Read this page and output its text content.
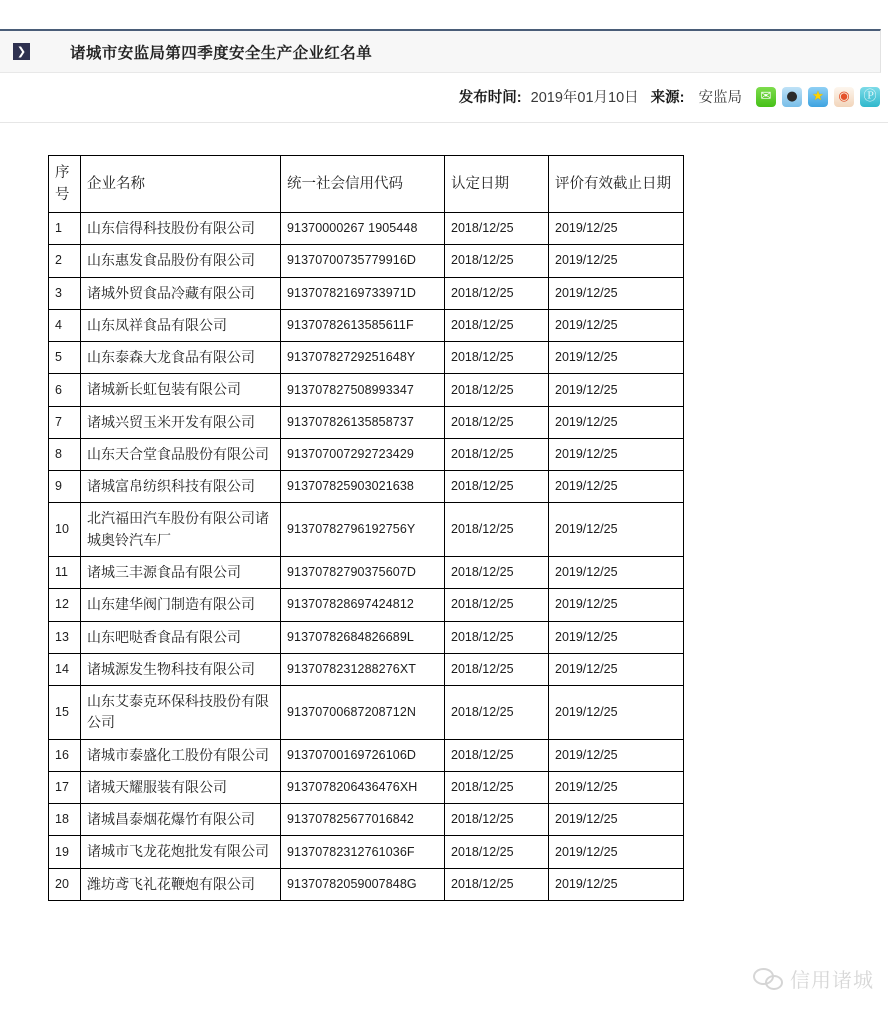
❯	诸城市安监局第四季度安全生产企业红名单
发布时间: 2019年01月10日 来源: 安监局	✉	●	★	◉	Ⓟ
序号	企业名称	统一社会信用代码	认定日期	评价有效截止日期
1	山东信得科技股份有限公司	91370000267 1905448	2018/12/25	2019/12/25
2	山东惠发食品股份有限公司	91370700735779916D	2018/12/25	2019/12/25
3	诸城外贸食品冷藏有限公司	91370782169733971D	2018/12/25	2019/12/25
4	山东凤祥食品有限公司	91370782613585611F	2018/12/25	2019/12/25
5	山东泰森大龙食品有限公司	91370782729251648Y	2018/12/25	2019/12/25
6	诸城新长虹包装有限公司	913707827508993347	2018/12/25	2019/12/25
7	诸城兴贸玉米开发有限公司	913707826135858737	2018/12/25	2019/12/25
8	山东天合堂食品股份有限公司	913707007292723429	2018/12/25	2019/12/25
9	诸城富帛纺织科技有限公司	913707825903021638	2018/12/25	2019/12/25
10	北汽福田汽车股份有限公司诸城奥铃汽车厂	91370782796192756Y	2018/12/25	2019/12/25
11	诸城三丰源食品有限公司	91370782790375607D	2018/12/25	2019/12/25
12	山东建华阀门制造有限公司	913707828697424812	2018/12/25	2019/12/25
13	山东吧哒香食品有限公司	91370782684826689L	2018/12/25	2019/12/25
14	诸城源发生物科技有限公司	9137078231288276XT	2018/12/25	2019/12/25
15	山东艾泰克环保科技股份有限公司	91370700687208712N	2018/12/25	2019/12/25
16	诸城市泰盛化工股份有限公司	91370700169726106D	2018/12/25	2019/12/25
17	诸城天耀服装有限公司	9137078206436476XH	2018/12/25	2019/12/25
18	诸城昌泰烟花爆竹有限公司	913707825677016842	2018/12/25	2019/12/25
19	诸城市飞龙花炮批发有限公司	91370782312761036F	2018/12/25	2019/12/25
20	潍坊鸢飞礼花鞭炮有限公司	91370782059007848G	2018/12/25	2019/12/25
信用诸城
